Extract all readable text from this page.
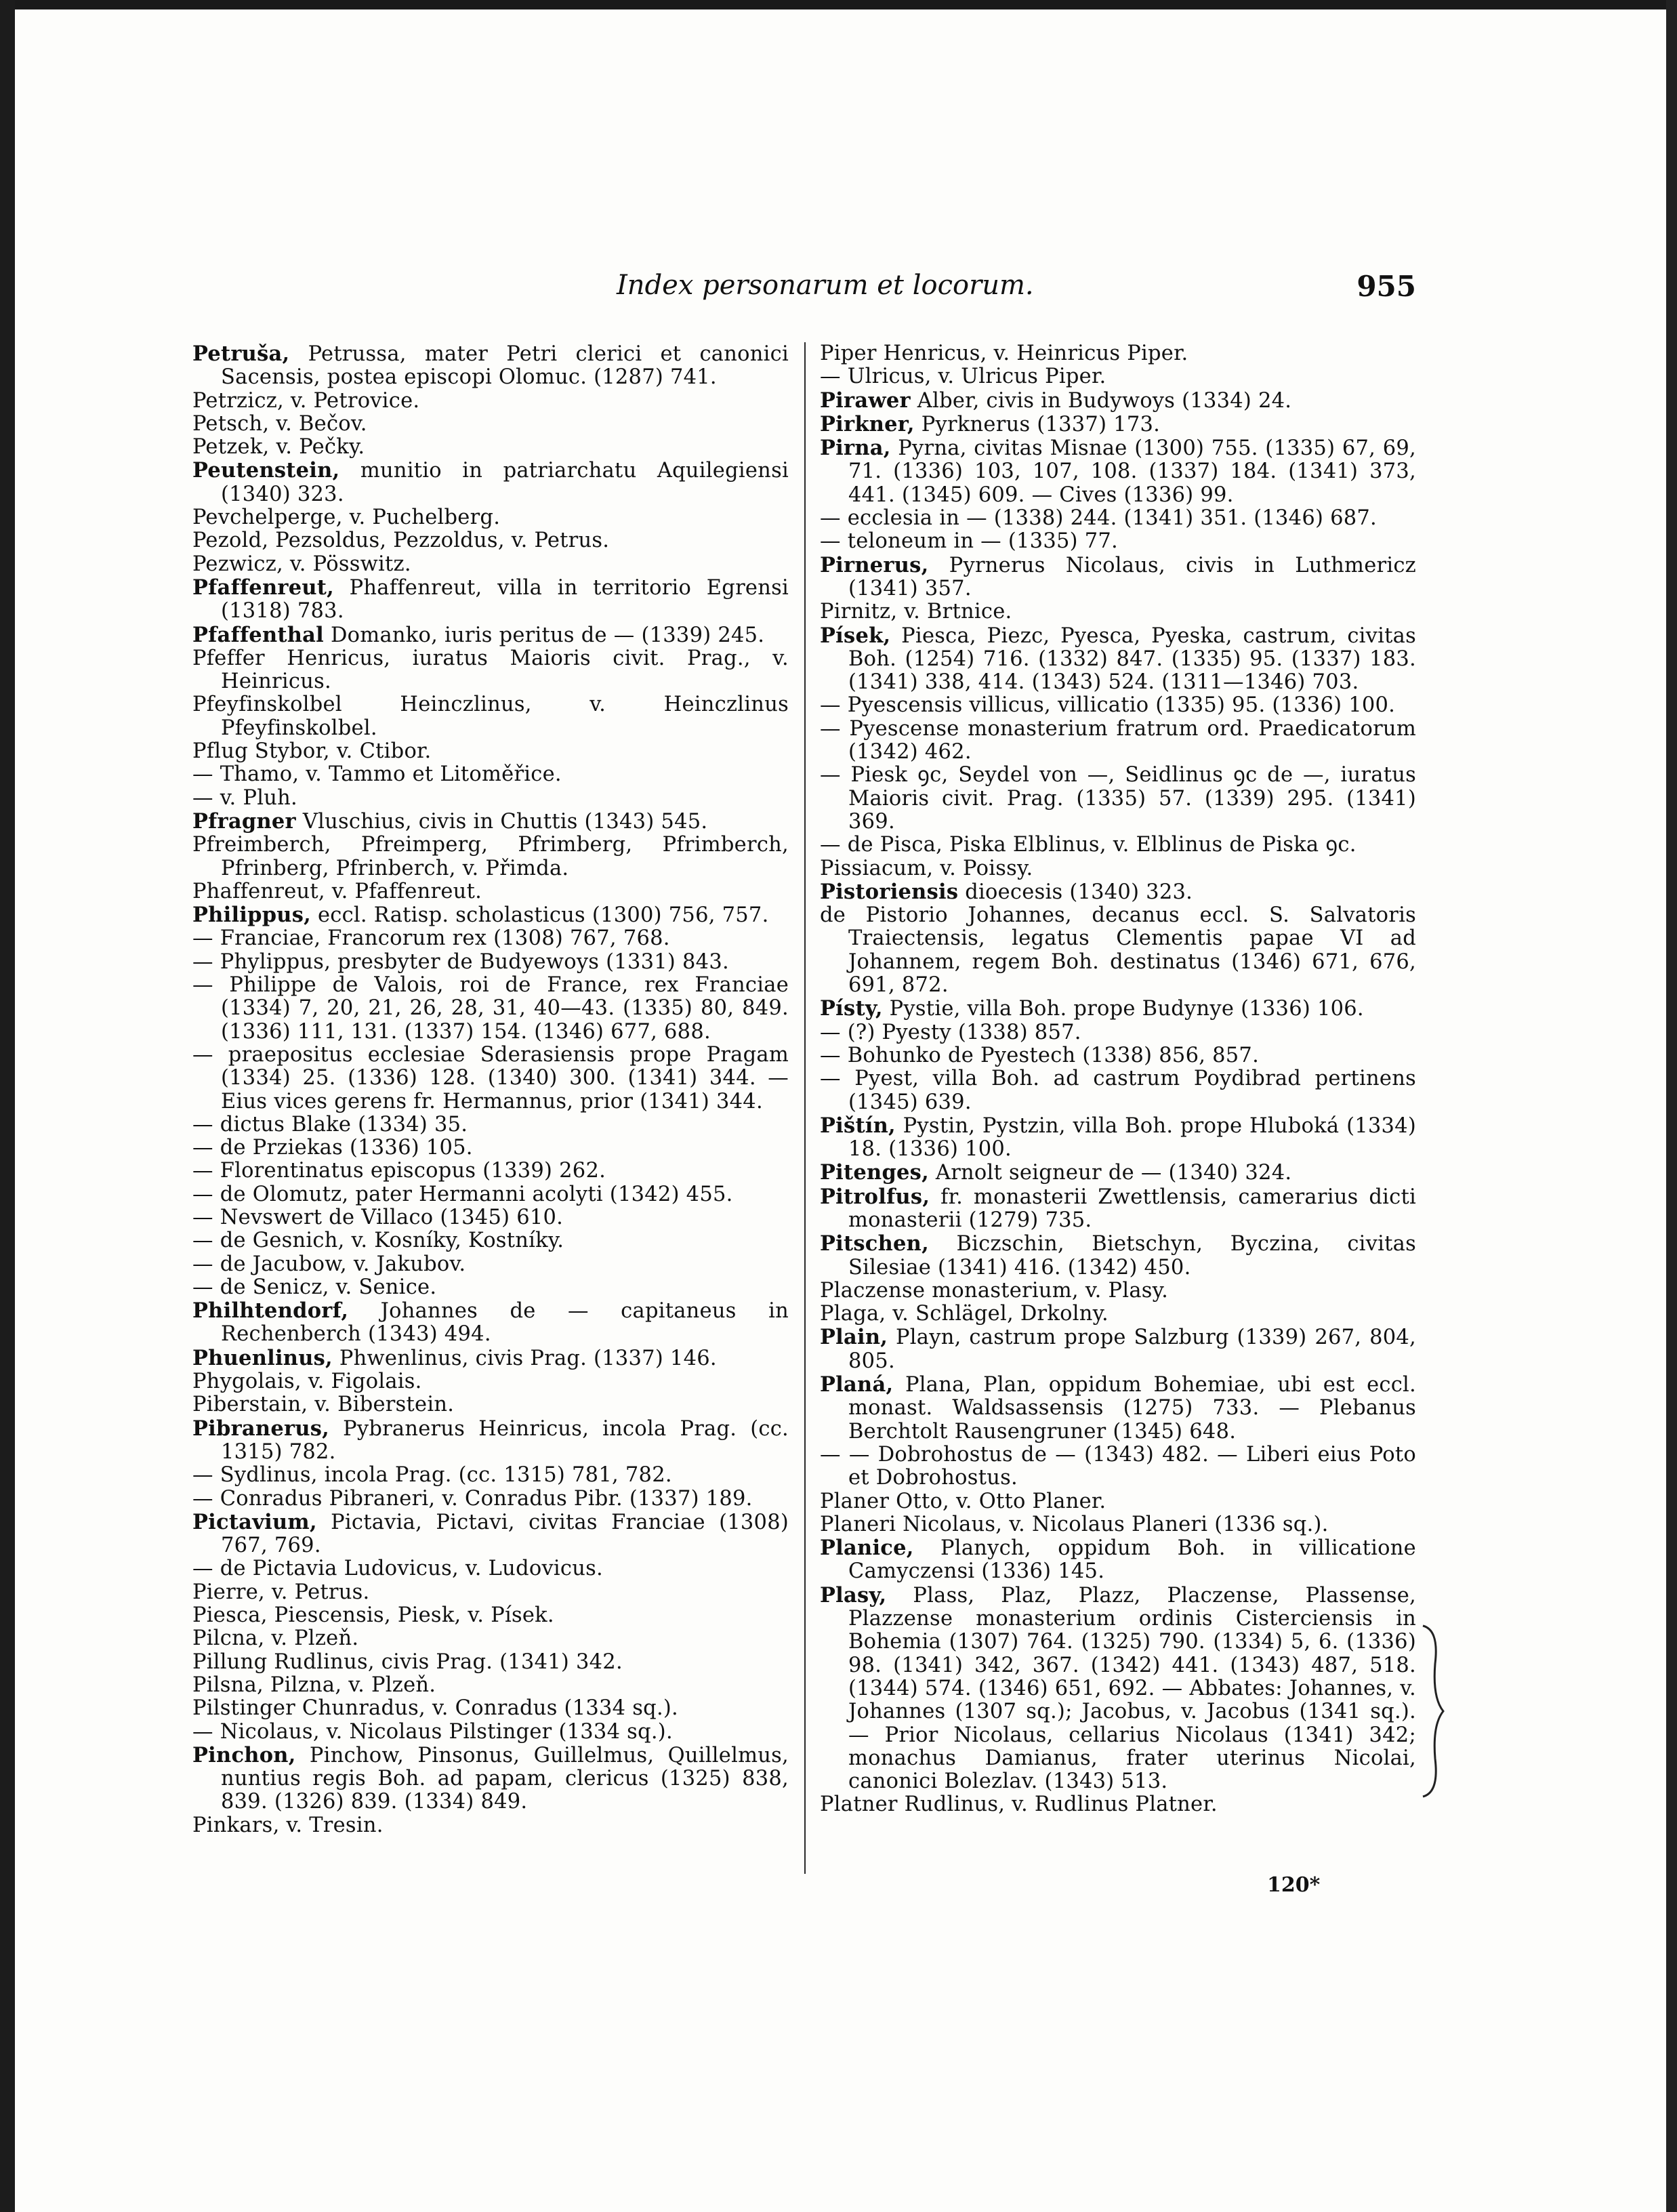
Index personarum et locorum.	955
Petruša, Petrussa, mater Petri clerici et canonici Sacensis, postea episcopi Olomuc. (1287) 741.
Petrzicz, v. Petrovice.
Petsch, v. Bečov.
Petzek, v. Pečky.
Peutenstein, munitio in patriarchatu Aquilegiensi (1340) 323.
Pevchelperge, v. Puchelberg.
Pezold, Pezsoldus, Pezzoldus, v. Petrus.
Pezwicz, v. Pösswitz.
Pfaffenreut, Phaffenreut, villa in territorio Egrensi (1318) 783.
Pfaffenthal Domanko, iuris peritus de — (1339) 245.
Pfeffer Henricus, iuratus Maioris civit. Prag., v. Heinricus.
Pfeyfinskolbel Heinczlinus, v. Heinczlinus Pfeyfinskolbel.
Pflug Stybor, v. Ctibor.
— Thamo, v. Tammo et Litoměřice.
— v. Pluh.
Pfragner Vluschius, civis in Chuttis (1343) 545.
Pfreimberch, Pfreimperg, Pfrimberg, Pfrimberch, Pfrinberg, Pfrinberch, v. Přimda.
Phaffenreut, v. Pfaffenreut.
Philippus, eccl. Ratisp. scholasticus (1300) 756, 757.
— Franciae, Francorum rex (1308) 767, 768.
— Phylippus, presbyter de Budyewoys (1331) 843.
— Philippe de Valois, roi de France, rex Franciae (1334) 7, 20, 21, 26, 28, 31, 40—43. (1335) 80, 849. (1336) 111, 131. (1337) 154. (1346) 677, 688.
— praepositus ecclesiae Sderasiensis prope Pragam (1334) 25. (1336) 128. (1340) 300. (1341) 344. — Eius vices gerens fr. Hermannus, prior (1341) 344.
— dictus Blake (1334) 35.
— de Prziekas (1336) 105.
— Florentinatus episcopus (1339) 262.
— de Olomutz, pater Hermanni acolyti (1342) 455.
— Nevswert de Villaco (1345) 610.
— de Gesnich, v. Kosníky, Kostníky.
— de Jacubow, v. Jakubov.
— de Senicz, v. Senice.
Philhtendorf, Johannes de — capitaneus in Rechenberch (1343) 494.
Phuenlinus, Phwenlinus, civis Prag. (1337) 146.
Phygolais, v. Figolais.
Piberstain, v. Biberstein.
Pibranerus, Pybranerus Heinricus, incola Prag. (cc. 1315) 782.
— Sydlinus, incola Prag. (cc. 1315) 781, 782.
— Conradus Pibraneri, v. Conradus Pibr. (1337) 189.
Pictavium, Pictavia, Pictavi, civitas Franciae (1308) 767, 769.
— de Pictavia Ludovicus, v. Ludovicus.
Pierre, v. Petrus.
Piesca, Piescensis, Piesk, v. Písek.
Pilcna, v. Plzeň.
Pillung Rudlinus, civis Prag. (1341) 342.
Pilsna, Pilzna, v. Plzeň.
Pilstinger Chunradus, v. Conradus (1334 sq.).
— Nicolaus, v. Nicolaus Pilstinger (1334 sq.).
Pinchon, Pinchow, Pinsonus, Guillelmus, Quillelmus, nuntius regis Boh. ad papam, clericus (1325) 838, 839. (1326) 839. (1334) 849.
Pinkars, v. Tresin.
Piper Henricus, v. Heinricus Piper.
— Ulricus, v. Ulricus Piper.
Pirawer Alber, civis in Budywoys (1334) 24.
Pirkner, Pyrknerus (1337) 173.
Pirna, Pyrna, civitas Misnae (1300) 755. (1335) 67, 69, 71. (1336) 103, 107, 108. (1337) 184. (1341) 373, 441. (1345) 609. — Cives (1336) 99.
— ecclesia in — (1338) 244. (1341) 351. (1346) 687.
— teloneum in — (1335) 77.
Pirnerus, Pyrnerus Nicolaus, civis in Luthmericz (1341) 357.
Pirnitz, v. Brtnice.
Písek, Piesca, Piezc, Pyesca, Pyeska, castrum, civitas Boh. (1254) 716. (1332) 847. (1335) 95. (1337) 183. (1341) 338, 414. (1343) 524. (1311—1346) 703.
— Pyescensis villicus, villicatio (1335) 95. (1336) 100.
— Pyescense monasterium fratrum ord. Praedicatorum (1342) 462.
— Piesk ꝯc, Seydel von —, Seidlinus ꝯc de —, iuratus Maioris civit. Prag. (1335) 57. (1339) 295. (1341) 369.
— de Pisca, Piska Elblinus, v. Elblinus de Piska ꝯc.
Pissiacum, v. Poissy.
Pistoriensis dioecesis (1340) 323.
de Pistorio Johannes, decanus eccl. S. Salvatoris Traiectensis, legatus Clementis papae VI ad Johannem, regem Boh. destinatus (1346) 671, 676, 691, 872.
Písty, Pystie, villa Boh. prope Budynye (1336) 106.
— (?) Pyesty (1338) 857.
— Bohunko de Pyestech (1338) 856, 857.
— Pyest, villa Boh. ad castrum Poydibrad pertinens (1345) 639.
Pištín, Pystin, Pystzin, villa Boh. prope Hluboká (1334) 18. (1336) 100.
Pitenges, Arnolt seigneur de — (1340) 324.
Pitrolfus, fr. monasterii Zwettlensis, camerarius dicti monasterii (1279) 735.
Pitschen, Biczschin, Bietschyn, Byczina, civitas Silesiae (1341) 416. (1342) 450.
Placzense monasterium, v. Plasy.
Plaga, v. Schlägel, Drkolny.
Plain, Playn, castrum prope Salzburg (1339) 267, 804, 805.
Planá, Plana, Plan, oppidum Bohemiae, ubi est eccl. monast. Waldsassensis (1275) 733. — Plebanus Berchtolt Rausengruner (1345) 648.
— — Dobrohostus de — (1343) 482. — Liberi eius Poto et Dobrohostus.
Planer Otto, v. Otto Planer.
Planeri Nicolaus, v. Nicolaus Planeri (1336 sq.).
Planice, Planych, oppidum Boh. in villicatione Camyczensi (1336) 145.
Plasy, Plass, Plaz, Plazz, Placzense, Plassense, Plazzense monasterium ordinis Cisterciensis in Bohemia (1307) 764. (1325) 790. (1334) 5, 6. (1336) 98. (1341) 342, 367. (1342) 441. (1343) 487, 518. (1344) 574. (1346) 651, 692. — Abbates: Johannes, v. Johannes (1307 sq.); Jacobus, v. Jacobus (1341 sq.). — Prior Nicolaus, cellarius Nicolaus (1341) 342; monachus Damianus, frater uterinus Nicolai, canonici Bolezlav. (1343) 513.
Platner Rudlinus, v. Rudlinus Platner.
120*
